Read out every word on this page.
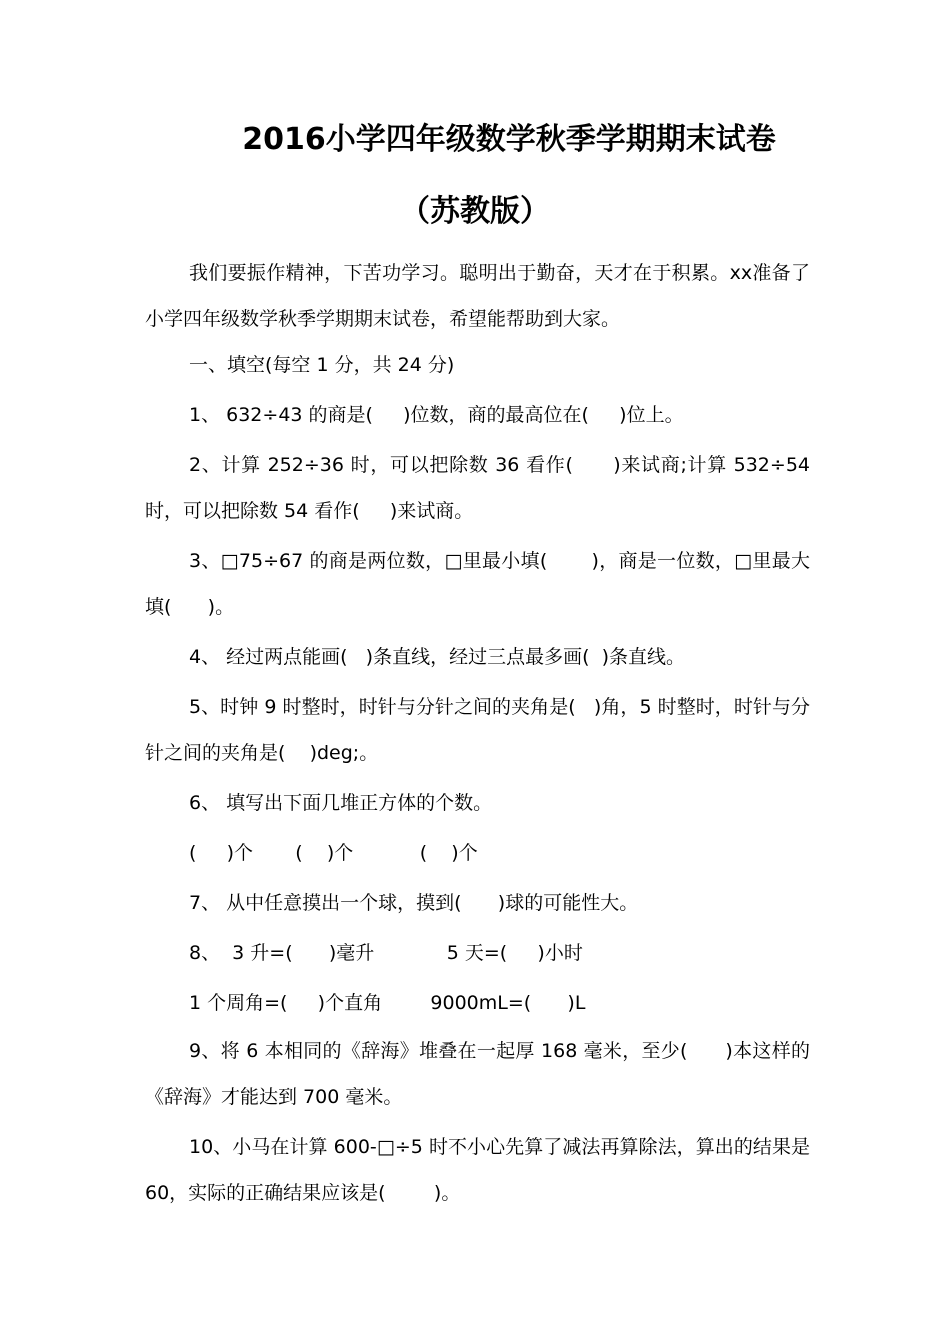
2016小学四年级数学秋季学期期末试卷
（苏教版）

我们要振作精神，下苦功学习。聪明出于勤奋，天才在于积累。xx准备了小学四年级数学秋季学期期末试卷，希望能帮助到大家。

一、填空(每空 1 分，共 24 分)

1、 632÷43 的商是(     )位数，商的最高位在(     )位上。

2、计算 252÷36 时，可以把除数 36 看作(      )来试商;计算 532÷54 时，可以把除数 54 看作(     )来试商。

3、□75÷67 的商是两位数，□里最小填(       )，商是一位数，□里最大填(      )。

4、 经过两点能画(   )条直线，经过三点最多画(  )条直线。

5、时钟 9 时整时，时针与分针之间的夹角是(   )角，5 时整时，时针与分针之间的夹角是(    )deg;。

6、 填写出下面几堆正方体的个数。

(     )个       (    )个           (    )个

7、 从中任意摸出一个球，摸到(      )球的可能性大。

8、  3 升=(      )毫升            5 天=(     )小时

1 个周角=(     )个直角        9000mL=(      )L

9、将 6 本相同的《辞海》堆叠在一起厚 168 毫米，至少(      )本这样的《辞海》才能达到 700 毫米。

10、小马在计算 600-□÷5 时不小心先算了减法再算除法，算出的结果是 60，实际的正确结果应该是(        )。
